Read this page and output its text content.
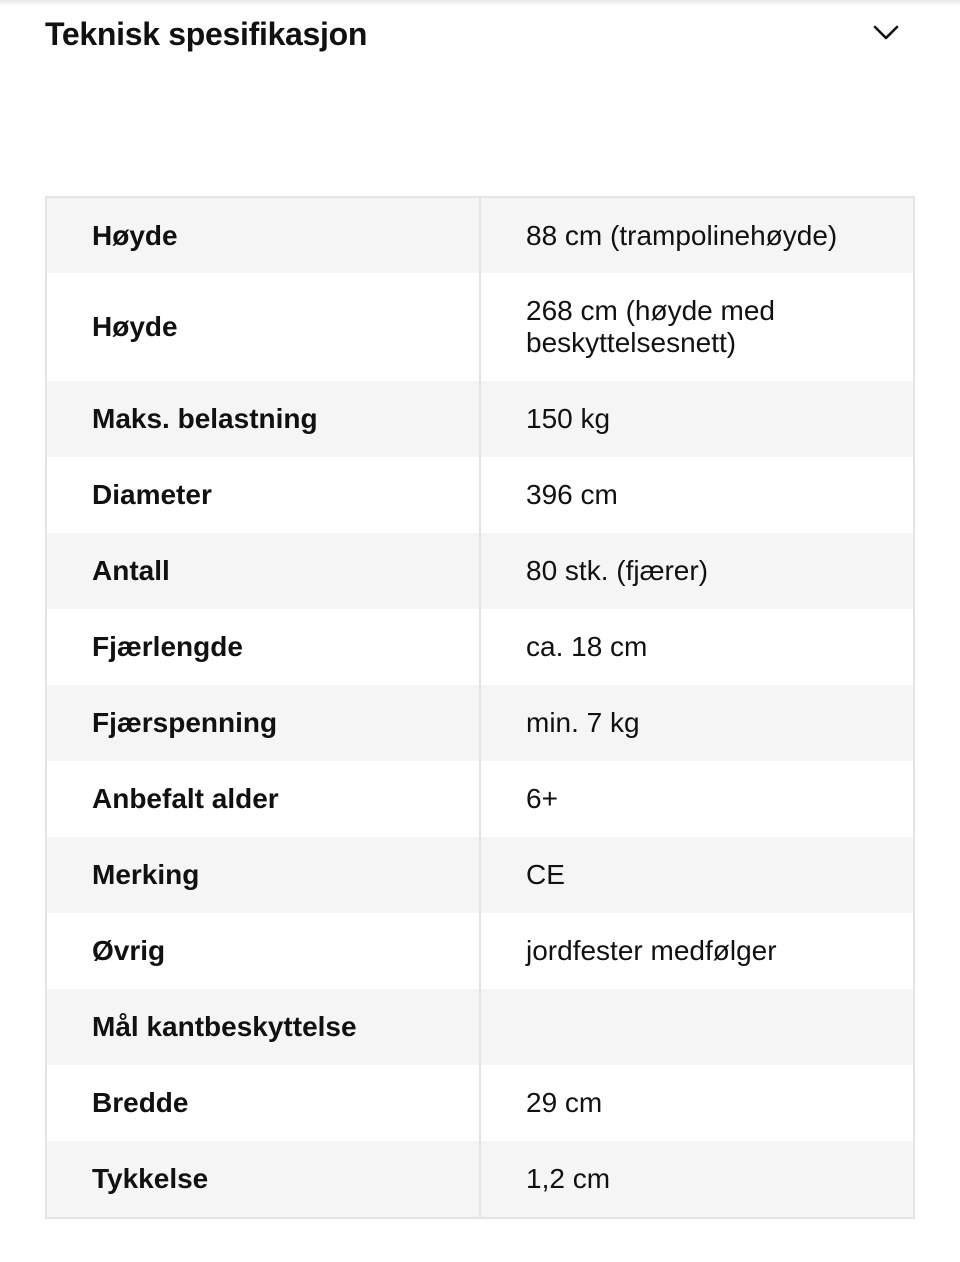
Teknisk spesifikasjon
Høyde	88 cm (trampolinehøyde)
Høyde	268 cm (høyde med beskyttelsesnett)
Maks. belastning	150 kg
Diameter	396 cm
Antall	80 stk. (fjærer)
Fjærlengde	ca. 18 cm
Fjærspenning	min. 7 kg
Anbefalt alder	6+
Merking	CE
Øvrig	jordfester medfølger
Mål kantbeskyttelse	
Bredde	29 cm
Tykkelse	1,2 cm
